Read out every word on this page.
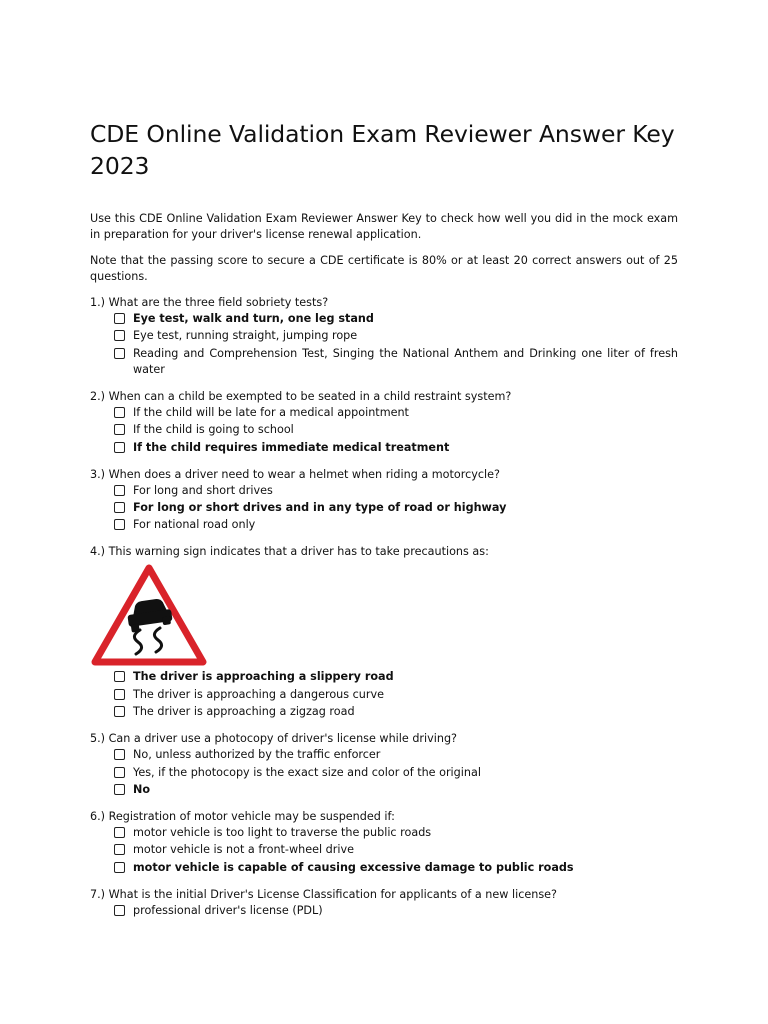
CDE Online Validation Exam Reviewer Answer Key 2023

Use this CDE Online Validation Exam Reviewer Answer Key to check how well you did in the mock exam in preparation for your driver's license renewal application.

Note that the passing score to secure a CDE certificate is 80% or at least 20 correct answers out of 25 questions.

1.) What are the three field sobriety tests?
Eye test, walk and turn, one leg stand
Eye test, running straight, jumping rope
Reading and Comprehension Test, Singing the National Anthem and Drinking one liter of fresh water
2.) When can a child be exempted to be seated in a child restraint system?
If the child will be late for a medical appointment
If the child is going to school
If the child requires immediate medical treatment
3.) When does a driver need to wear a helmet when riding a motorcycle?
For long and short drives
For long or short drives and in any type of road or highway
For national road only
4.) This warning sign indicates that a driver has to take precautions as:
The driver is approaching a slippery road
The driver is approaching a dangerous curve
The driver is approaching a zigzag road
5.) Can a driver use a photocopy of driver's license while driving?
No, unless authorized by the traffic enforcer
Yes, if the photocopy is the exact size and color of the original
No
6.) Registration of motor vehicle may be suspended if:
motor vehicle is too light to traverse the public roads
motor vehicle is not a front-wheel drive
motor vehicle is capable of causing excessive damage to public roads
7.) What is the initial Driver's License Classification for applicants of a new license?
professional driver's license (PDL)
